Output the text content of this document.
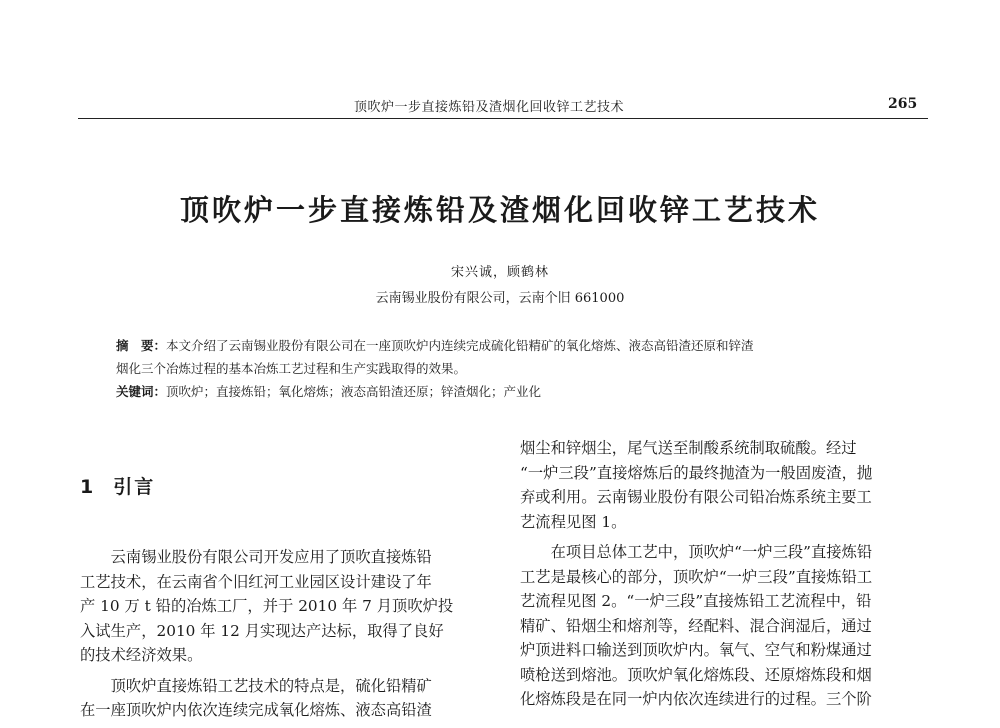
顶吹炉一步直接炼铅及渣烟化回收锌工艺技术	265
顶吹炉一步直接炼铅及渣烟化回收锌工艺技术
宋兴诚，顾鹤林
云南锡业股份有限公司，云南个旧 661000

摘　要：本文介绍了云南锡业股份有限公司在一座顶吹炉内连续完成硫化铅精矿的氧化熔炼、液态高铅渣还原和锌渣

烟化三个冶炼过程的基本冶炼工艺过程和生产实践取得的效果。

关键词：顶吹炉；直接炼铅；氧化熔炼；液态高铅渣还原；锌渣烟化；产业化

1 引言

　　云南锡业股份有限公司开发应用了顶吹直接炼铅

工艺技术，在云南省个旧红河工业园区设计建设了年

产 10 万 t 铅的冶炼工厂，并于 2010 年 7 月顶吹炉投

入试生产，2010 年 12 月实现达产达标，取得了良好

的技术经济效果。

　　顶吹炉直接炼铅工艺技术的特点是，硫化铅精矿

在一座顶吹炉内依次连续完成氧化熔炼、液态高铅渣

烟尘和锌烟尘，尾气送至制酸系统制取硫酸。经过

“一炉三段”直接熔炼后的最终抛渣为一般固废渣，抛

弃或利用。云南锡业股份有限公司铅冶炼系统主要工

艺流程见图 1。

　　在项目总体工艺中，顶吹炉“一炉三段”直接炼铅

工艺是最核心的部分，顶吹炉“一炉三段”直接炼铅工

艺流程见图 2。“一炉三段”直接炼铅工艺流程中，铅

精矿、铅烟尘和熔剂等，经配料、混合润湿后，通过

炉顶进料口输送到顶吹炉内。氧气、空气和粉煤通过

喷枪送到熔池。顶吹炉氧化熔炼段、还原熔炼段和烟

化熔炼段是在同一炉内依次连续进行的过程。三个阶
